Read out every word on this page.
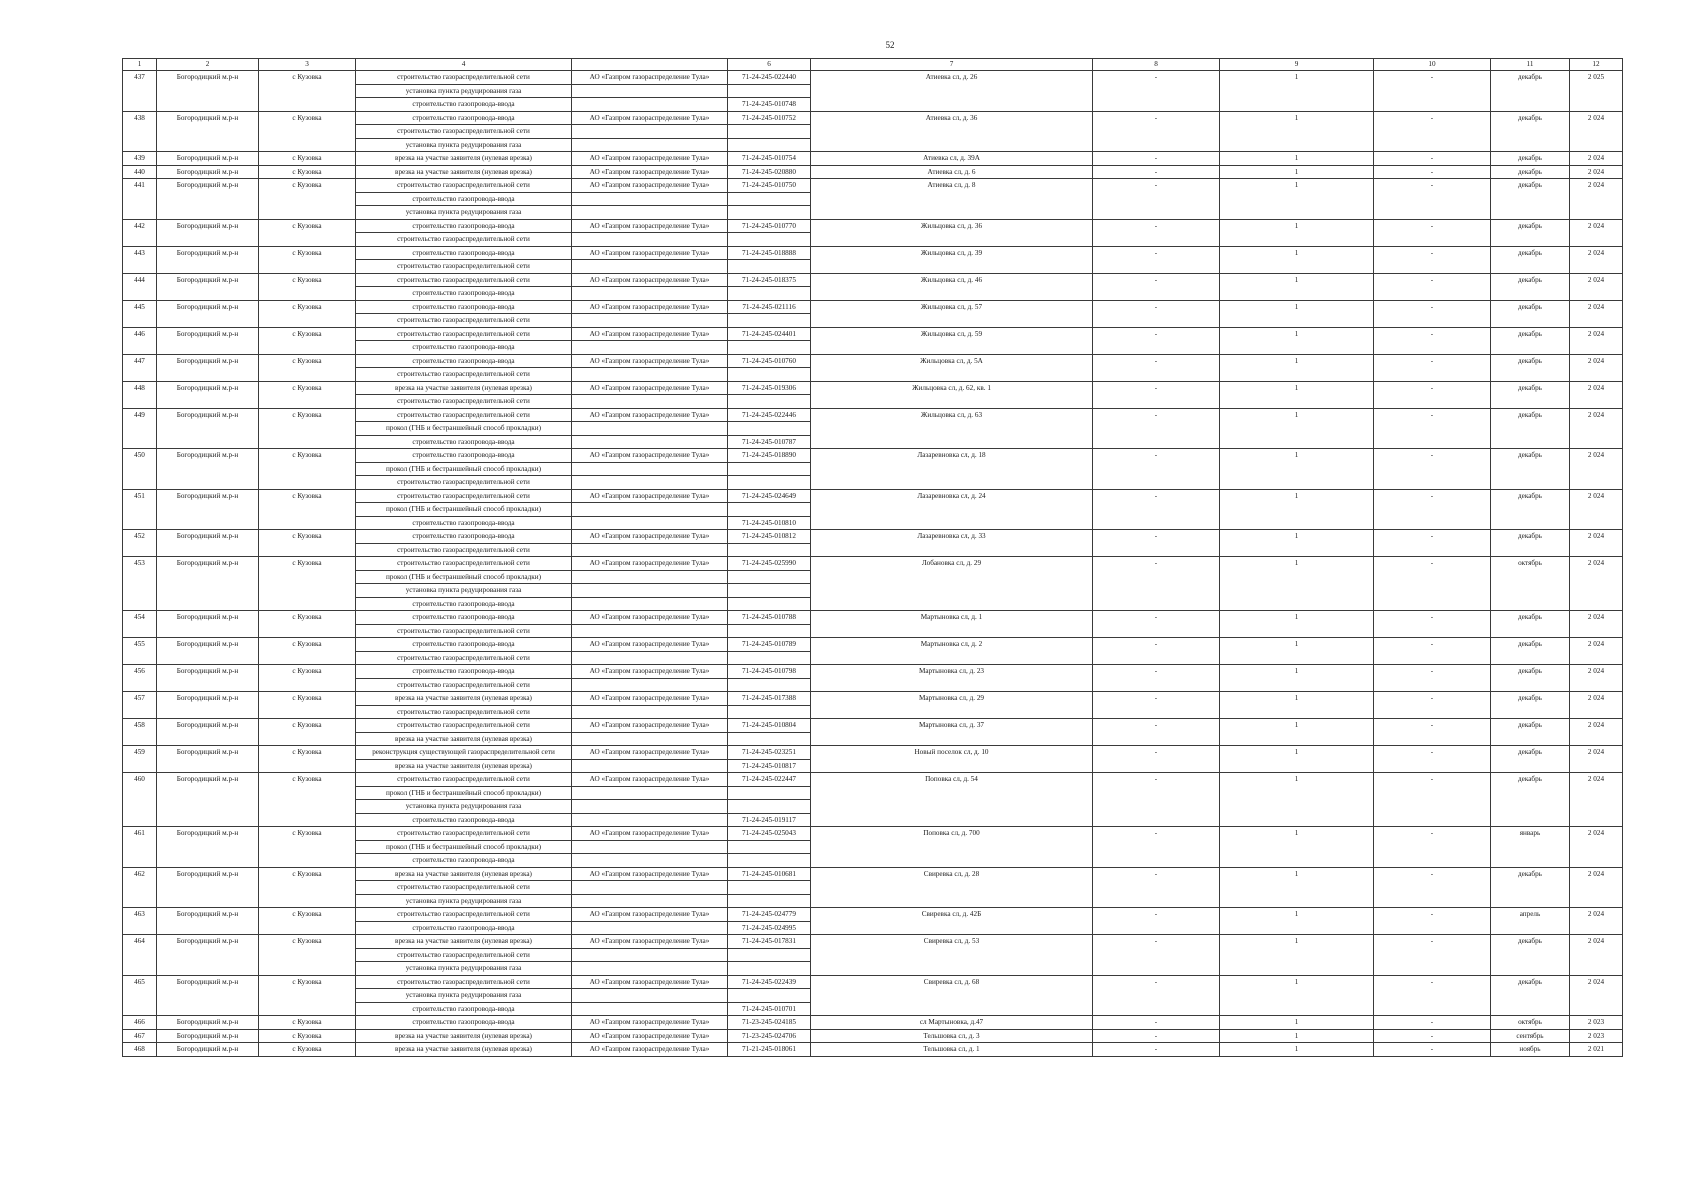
52
1	2	3	4		6	7	8	9	10	11	12
437	Богородицкий м.р-н	с Кузовка	строительство газораспределительной сети	АО «Газпром газораспределение Тула»	71-24-245-022440	Атиевка сл, д. 26	-	1	-	декабрь	2 025
			установка пункта редуцирования газа								
			строительство газопровода-ввода		71-24-245-010748						
438	Богородицкий м.р-н	с Кузовка	строительство газопровода-ввода	АО «Газпром газораспределение Тула»	71-24-245-010752	Атиевка сл, д. 36	-	1	-	декабрь	2 024
			строительство газораспределительной сети								
			установка пункта редуцирования газа								
439	Богородицкий м.р-н	с Кузовка	врезка на участке заявителя (нулевая врезка)	АО «Газпром газораспределение Тула»	71-24-245-010754	Атиевка сл, д. 39А	-	1	-	декабрь	2 024
440	Богородицкий м.р-н	с Кузовка	врезка на участке заявителя (нулевая врезка)	АО «Газпром газораспределение Тула»	71-24-245-020880	Атиевка сл, д. 6	-	1	-	декабрь	2 024
441	Богородицкий м.р-н	с Кузовка	строительство газораспределительной сети	АО «Газпром газораспределение Тула»	71-24-245-010750	Атиевка сл, д. 8	-	1	-	декабрь	2 024
			строительство газопровода-ввода								
			установка пункта редуцирования газа								
442	Богородицкий м.р-н	с Кузовка	строительство газопровода-ввода	АО «Газпром газораспределение Тула»	71-24-245-010770	Жильцовка сл, д. 36	-	1	-	декабрь	2 024
			строительство газораспределительной сети								
443	Богородицкий м.р-н	с Кузовка	строительство газопровода-ввода	АО «Газпром газораспределение Тула»	71-24-245-018888	Жильцовка сл, д. 39	-	1	-	декабрь	2 024
			строительство газораспределительной сети								
444	Богородицкий м.р-н	с Кузовка	строительство газораспределительной сети	АО «Газпром газораспределение Тула»	71-24-245-018375	Жильцовка сл, д. 46	-	1	-	декабрь	2 024
			строительство газопровода-ввода								
445	Богородицкий м.р-н	с Кузовка	строительство газопровода-ввода	АО «Газпром газораспределение Тула»	71-24-245-021116	Жильцовка сл, д. 57	-	1	-	декабрь	2 024
			строительство газораспределительной сети								
446	Богородицкий м.р-н	с Кузовка	строительство газораспределительной сети	АО «Газпром газораспределение Тула»	71-24-245-024401	Жильцовка сл, д. 59	-	1	-	декабрь	2 024
			строительство газопровода-ввода								
447	Богородицкий м.р-н	с Кузовка	строительство газопровода-ввода	АО «Газпром газораспределение Тула»	71-24-245-010760	Жильцовка сл, д. 5А	-	1	-	декабрь	2 024
			строительство газораспределительной сети								
448	Богородицкий м.р-н	с Кузовка	врезка на участке заявителя (нулевая врезка)	АО «Газпром газораспределение Тула»	71-24-245-019306	Жильцовка сл, д. 62, кв. 1	-	1	-	декабрь	2 024
			строительство газораспределительной сети								
449	Богородицкий м.р-н	с Кузовка	строительство газораспределительной сети	АО «Газпром газораспределение Тула»	71-24-245-022446	Жильцовка сл, д. 63	-	1	-	декабрь	2 024
			прокол (ГНБ и бестраншейный способ прокладки)								
			строительство газопровода-ввода		71-24-245-010787						
450	Богородицкий м.р-н	с Кузовка	строительство газопровода-ввода	АО «Газпром газораспределение Тула»	71-24-245-018890	Лазаревновка сл, д. 18	-	1	-	декабрь	2 024
			прокол (ГНБ и бестраншейный способ прокладки)								
			строительство газораспределительной сети								
451	Богородицкий м.р-н	с Кузовка	строительство газораспределительной сети	АО «Газпром газораспределение Тула»	71-24-245-024649	Лазаревновка сл, д. 24	-	1	-	декабрь	2 024
			прокол (ГНБ и бестраншейный способ прокладки)								
			строительство газопровода-ввода		71-24-245-010810						
452	Богородицкий м.р-н	с Кузовка	строительство газопровода-ввода	АО «Газпром газораспределение Тула»	71-24-245-010812	Лазаревновка сл, д. 33	-	1	-	декабрь	2 024
			строительство газораспределительной сети								
453	Богородицкий м.р-н	с Кузовка	строительство газораспределительной сети	АО «Газпром газораспределение Тула»	71-24-245-025990	Лобановка сл, д. 29	-	1	-	октябрь	2 024
			прокол (ГНБ и бестраншейный способ прокладки)								
			установка пункта редуцирования газа								
			строительство газопровода-ввода								
454	Богородицкий м.р-н	с Кузовка	строительство газопровода-ввода	АО «Газпром газораспределение Тула»	71-24-245-010788	Мартыновка сл, д. 1	-	1	-	декабрь	2 024
			строительство газораспределительной сети								
455	Богородицкий м.р-н	с Кузовка	строительство газопровода-ввода	АО «Газпром газораспределение Тула»	71-24-245-010789	Мартыновка сл, д. 2	-	1	-	декабрь	2 024
			строительство газораспределительной сети								
456	Богородицкий м.р-н	с Кузовка	строительство газопровода-ввода	АО «Газпром газораспределение Тула»	71-24-245-010798	Мартыновка сл, д. 23	-	1	-	декабрь	2 024
			строительство газораспределительной сети								
457	Богородицкий м.р-н	с Кузовка	врезка на участке заявителя (нулевая врезка)	АО «Газпром газораспределение Тула»	71-24-245-017388	Мартыновка сл, д. 29	-	1	-	декабрь	2 024
			строительство газораспределительной сети								
458	Богородицкий м.р-н	с Кузовка	строительство газораспределительной сети	АО «Газпром газораспределение Тула»	71-24-245-010804	Мартыновка сл, д. 37	-	1	-	декабрь	2 024
			врезка на участке заявителя (нулевая врезка)								
459	Богородицкий м.р-н	с Кузовка	реконструкция существующей газораспределительной сети	АО «Газпром газораспределение Тула»	71-24-245-023251	Новый поселок сл, д. 10	-	1	-	декабрь	2 024
			врезка на участке заявителя (нулевая врезка)		71-24-245-010817						
460	Богородицкий м.р-н	с Кузовка	строительство газораспределительной сети	АО «Газпром газораспределение Тула»	71-24-245-022447	Поповка сл, д. 54	-	1	-	декабрь	2 024
			прокол (ГНБ и бестраншейный способ прокладки)								
			установка пункта редуцирования газа								
			строительство газопровода-ввода		71-24-245-019117						
461	Богородицкий м.р-н	с Кузовка	строительство газораспределительной сети	АО «Газпром газораспределение Тула»	71-24-245-025043	Поповка сл, д. 700	-	1	-	январь	2 024
			прокол (ГНБ и бестраншейный способ прокладки)								
			строительство газопровода-ввода								
462	Богородицкий м.р-н	с Кузовка	врезка на участке заявителя (нулевая врезка)	АО «Газпром газораспределение Тула»	71-24-245-010681	Свиревка сл, д. 28	-	1	-	декабрь	2 024
			строительство газораспределительной сети								
			установка пункта редуцирования газа								
463	Богородицкий м.р-н	с Кузовка	строительство газораспределительной сети	АО «Газпром газораспределение Тула»	71-24-245-024779	Свиревка сл, д. 42Б	-	1	-	апрель	2 024
			строительство газопровода-ввода		71-24-245-024995						
464	Богородицкий м.р-н	с Кузовка	врезка на участке заявителя (нулевая врезка)	АО «Газпром газораспределение Тула»	71-24-245-017831	Свиревка сл, д. 53	-	1	-	декабрь	2 024
			строительство газораспределительной сети								
			установка пункта редуцирования газа								
465	Богородицкий м.р-н	с Кузовка	строительство газораспределительной сети	АО «Газпром газораспределение Тула»	71-24-245-022439	Свиревка сл, д. 68	-	1	-	декабрь	2 024
			установка пункта редуцирования газа								
			строительство газопровода-ввода		71-24-245-010701						
466	Богородицкий м.р-н	с Кузовка	строительство газопровода-ввода	АО «Газпром газораспределение Тула»	71-23-245-024185	сл Мартыновка, д.47	-	1	-	октябрь	2 023
467	Богородицкий м.р-н	с Кузовка	врезка на участке заявителя (нулевая врезка)	АО «Газпром газораспределение Тула»	71-23-245-024706	Тельшовка сл, д. 3	-	1	-	сентябрь	2 023
468	Богородицкий м.р-н	с Кузовка	врезка на участке заявителя (нулевая врезка)	АО «Газпром газораспределение Тула»	71-21-245-018061	Тельшовка сл, д. 1	-	1	-	ноябрь	2 021
